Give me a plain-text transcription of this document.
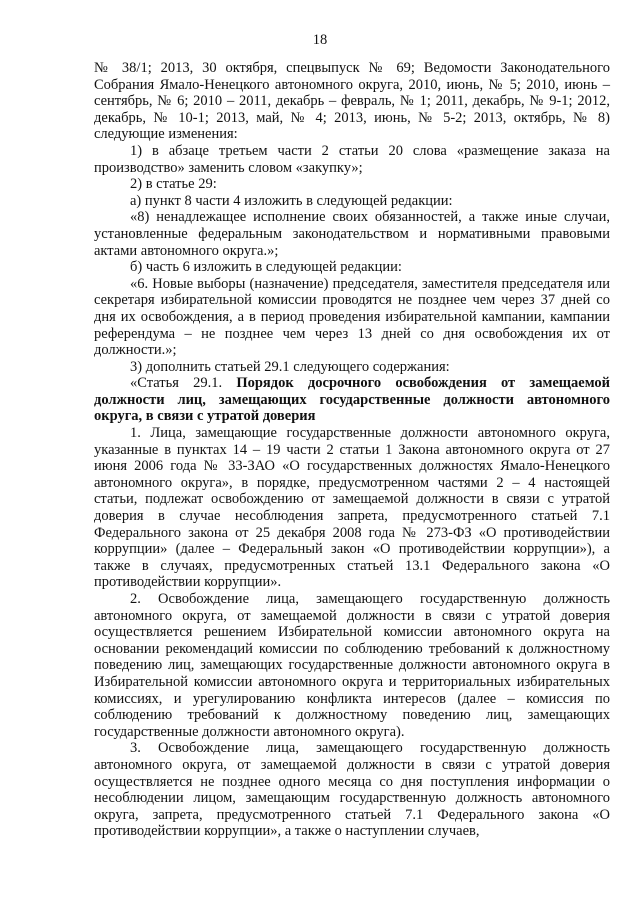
18

№ 38/1; 2013, 30 октября, спецвыпуск № 69; Ведомости Законодательного Собрания Ямало-Ненецкого автономного округа, 2010, июнь, № 5; 2010, июнь – сентябрь, № 6; 2010 – 2011, декабрь – февраль, № 1; 2011, декабрь, № 9-1; 2012, декабрь, № 10-1; 2013, май, № 4; 2013, июнь, № 5-2; 2013, октябрь, № 8) следующие изменения:

1) в абзаце третьем части 2 статьи 20 слова «размещение заказа на производство» заменить словом «закупку»;

2) в статье 29:

а) пункт 8 части 4 изложить в следующей редакции:

«8) ненадлежащее исполнение своих обязанностей, а также иные случаи, установленные федеральным законодательством и нормативными правовыми актами автономного округа.»;

б) часть 6 изложить в следующей редакции:

«6. Новые выборы (назначение) председателя, заместителя председателя или секретаря избирательной комиссии проводятся не позднее чем через 37 дней со дня их освобождения, а в период проведения избирательной кампании, кампании референдума – не позднее чем через 13 дней со дня освобождения их от должности.»;

3) дополнить статьей 29.1 следующего содержания:

«Статья 29.1. Порядок досрочного освобождения от замещаемой должности лиц, замещающих государственные должности автономного округа, в связи с утратой доверия

1. Лица, замещающие государственные должности автономного округа, указанные в пунктах 14 – 19 части 2 статьи 1 Закона автономного округа от 27 июня 2006 года № 33-ЗАО «О государственных должностях Ямало-Ненецкого автономного округа», в порядке, предусмотренном частями 2 – 4 настоящей статьи, подлежат освобождению от замещаемой должности в связи с утратой доверия в случае несоблюдения запрета, предусмотренного статьей 7.1 Федерального закона от 25 декабря 2008 года № 273-ФЗ «О противодействии коррупции» (далее – Федеральный закон «О противодействии коррупции»), а также в случаях, предусмотренных статьей 13.1 Федерального закона «О противодействии коррупции».

2. Освобождение лица, замещающего государственную должность автономного округа, от замещаемой должности в связи с утратой доверия осуществляется решением Избирательной комиссии автономного округа на основании рекомендаций комиссии по соблюдению требований к должностному поведению лиц, замещающих государственные должности автономного округа в Избирательной комиссии автономного округа и территориальных избирательных комиссиях, и урегулированию конфликта интересов (далее – комиссия по соблюдению требований к должностному поведению лиц, замещающих государственные должности автономного округа).

3. Освобождение лица, замещающего государственную должность автономного округа, от замещаемой должности в связи с утратой доверия осуществляется не позднее одного месяца со дня поступления информации о несоблюдении лицом, замещающим государственную должность автономного округа, запрета, предусмотренного статьей 7.1 Федерального закона «О противодействии коррупции», а также о наступлении случаев,
